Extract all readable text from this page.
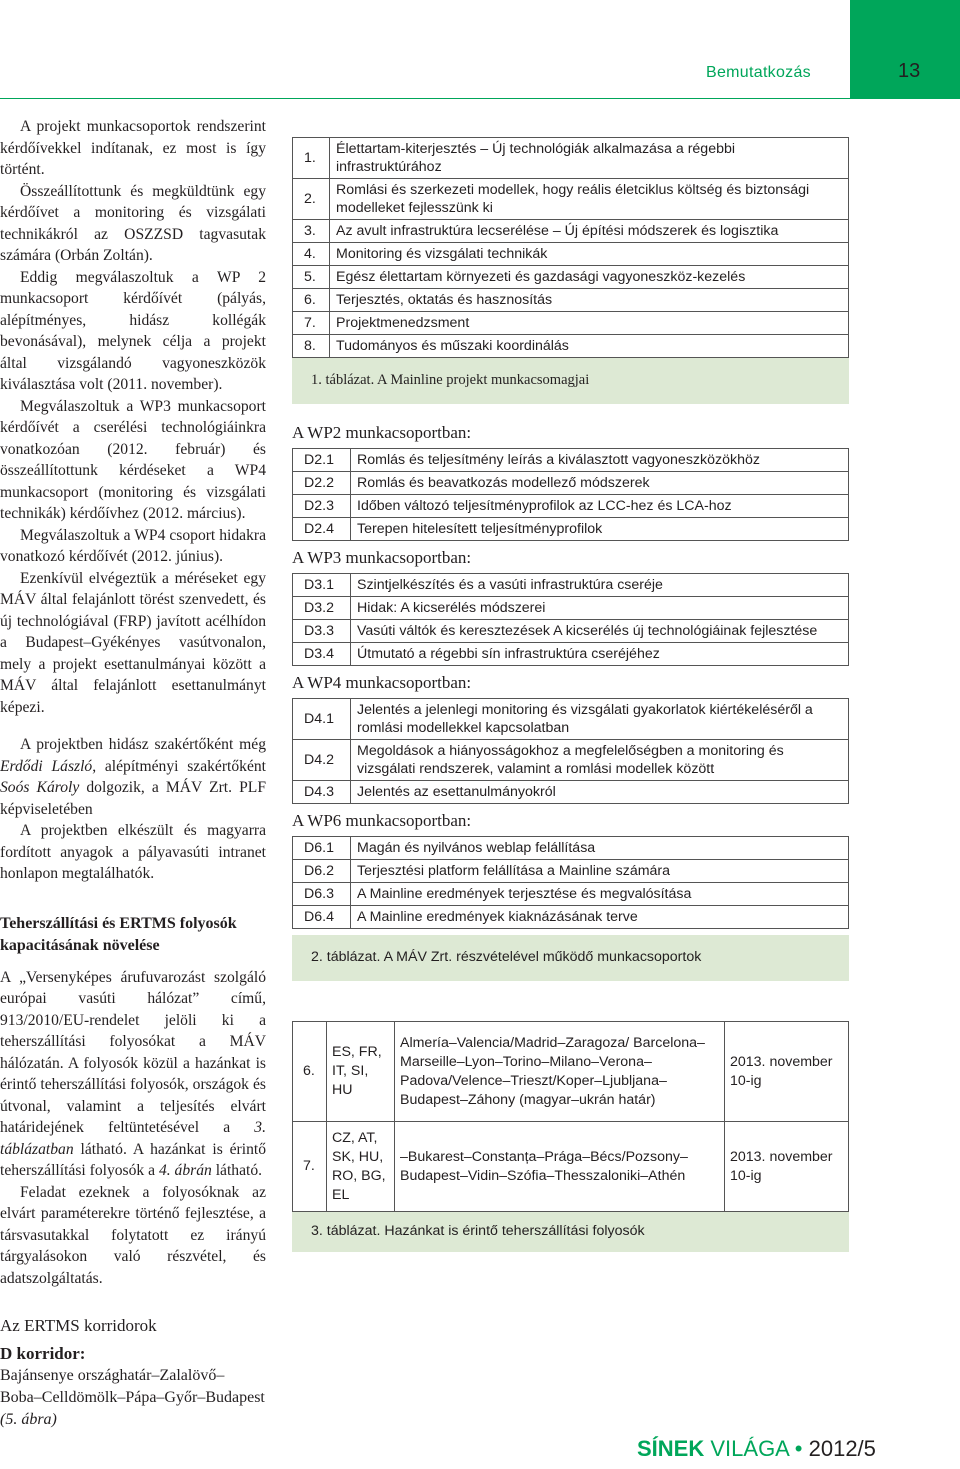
Bemutatkozás	13

A projekt munkacsoportok rendszerint kérdőívekkel indítanak, ez most is így történt.

Összeállítottunk és megküldtünk egy kérdőívet a monitoring és vizsgálati technikákról az OSZZSD tagvasutak számára (Orbán Zoltán).

Eddig megválaszoltuk a WP 2 munkacsoport kérdőívét (pályás, alépítményes, hidász kollégák bevonásával), melynek célja a projekt által vizsgálandó vagyoneszközök kiválasztása volt (2011. november).

Megválaszoltuk a WP3 munkacsoport kérdőívét a cserélési technológiáinkra vonatkozóan (2012. február) és összeállítottunk kérdéseket a WP4 munkacsoport (monitoring és vizsgálati technikák) kérdőívhez (2012. március).

Megválaszoltuk a WP4 csoport hidakra vonatkozó kérdőívét (2012. június).

Ezenkívül elvégeztük a méréseket egy MÁV által felajánlott törést szenvedett, és új technológiával (FRP) javított acélhídon a Budapest–Gyékényes vasútvonalon, mely a projekt esettanulmányai között a MÁV által felajánlott esettanulmányt képezi.

A projektben hidász szakértőként még Erdődi László, alépítményi szakértőként Soós Károly dolgozik, a MÁV Zrt. PLF képviseletében

A projektben elkészült és magyarra fordított anyagok a pályavasúti intranet honlapon megtalálhatók.

Teherszállítási és ERTMS folyosók kapacitásának növelése

A „Versenyképes árufuvarozást szolgáló európai vasúti hálózat” című, 913/2010/EU-rendelet jelöli ki a teherszállítási folyosókat a MÁV hálózatán. A folyosók közül a hazánkat is érintő teherszállítási folyosók, országok és útvonal, valamint a teljesítés elvárt határidejének feltüntetésével a 3. táblázatban látható. A hazánkat is érintő teherszállítási folyosók a 4. ábrán látható.

Feladat ezeknek a folyosóknak az elvárt paraméterekre történő fejlesztése, a társvasutakkal folytatott ez irányú tárgyalásokon való részvétel, és adatszolgáltatás.

Az ERTMS korridorok
D korridor:
Bajánsenye országhatár–Zalalövő–Boba–Celldömölk–Pápa–Győr–Budapest
(5. ábra)
1.	Élettartam-kiterjesztés – Új technológiák alkalmazása a régebbi infrastruktúrához
2.	Romlási és szerkezeti modellek, hogy reális életciklus költség és biztonsági modelleket fejlesszünk ki
3.	Az avult infrastruktúra lecserélése – Új építési módszerek és logisztika
4.	Monitoring és vizsgálati technikák
5.	Egész élettartam környezeti és gazdasági vagyoneszköz-kezelés
6.	Terjesztés, oktatás és hasznosítás
7.	Projektmenedzsment
8.	Tudományos és műszaki koordinálás
1. táblázat. A Mainline projekt munkacsomagjai
A WP2 munkacsoportban:
D2.1	Romlás és teljesítmény leírás a kiválasztott vagyoneszközökhöz
D2.2	Romlás és beavatkozás modellező módszerek
D2.3	Időben változó teljesítményprofilok az LCC-hez és LCA-hoz
D2.4	Terepen hitelesített teljesítményprofilok
A WP3 munkacsoportban:
D3.1	Szintjelkészítés és a vasúti infrastruktúra cseréje
D3.2	Hidak: A kicserélés módszerei
D3.3	Vasúti váltók és keresztezések A kicserélés új technológiáinak fejlesztése
D3.4	Útmutató a régebbi sín infrastruktúra cseréjéhez
A WP4 munkacsoportban:
D4.1	Jelentés a jelenlegi monitoring és vizsgálati gyakorlatok kiértékeléséről a romlási modellekkel kapcsolatban
D4.2	Megoldások a hiányosságokhoz a megfelelőségben a monitoring és vizsgálati rendszerek, valamint a romlási modellek között
D4.3	Jelentés az esettanulmányokról
A WP6 munkacsoportban:
D6.1	Magán és nyilvános weblap felállítása
D6.2	Terjesztési platform felállítása a Mainline számára
D6.3	A Mainline eredmények terjesztése és megvalósítása
D6.4	A Mainline eredmények kiaknázásának terve
2. táblázat. A MÁV Zrt. részvételével működő munkacsoportok
6.	ES, FR, IT, SI, HU	Almería–Valencia/Madrid–Zaragoza/ Barcelona–Marseille–Lyon–Torino–Milano–Verona–Padova/Velence–Trieszt/Koper–Ljubljana–Budapest–Záhony (magyar–ukrán határ)	2013. november 10-ig
7.	CZ, AT, SK, HU, RO, BG, EL	–Bukarest–Constanța–Prága–Bécs/Pozsony–Budapest–Vidin–Szófia–Thesszaloniki–Athén	2013. november 10-ig
3. táblázat. Hazánkat is érintő teherszállítási folyosók
SÍNEK VILÁGA • 2012/5
